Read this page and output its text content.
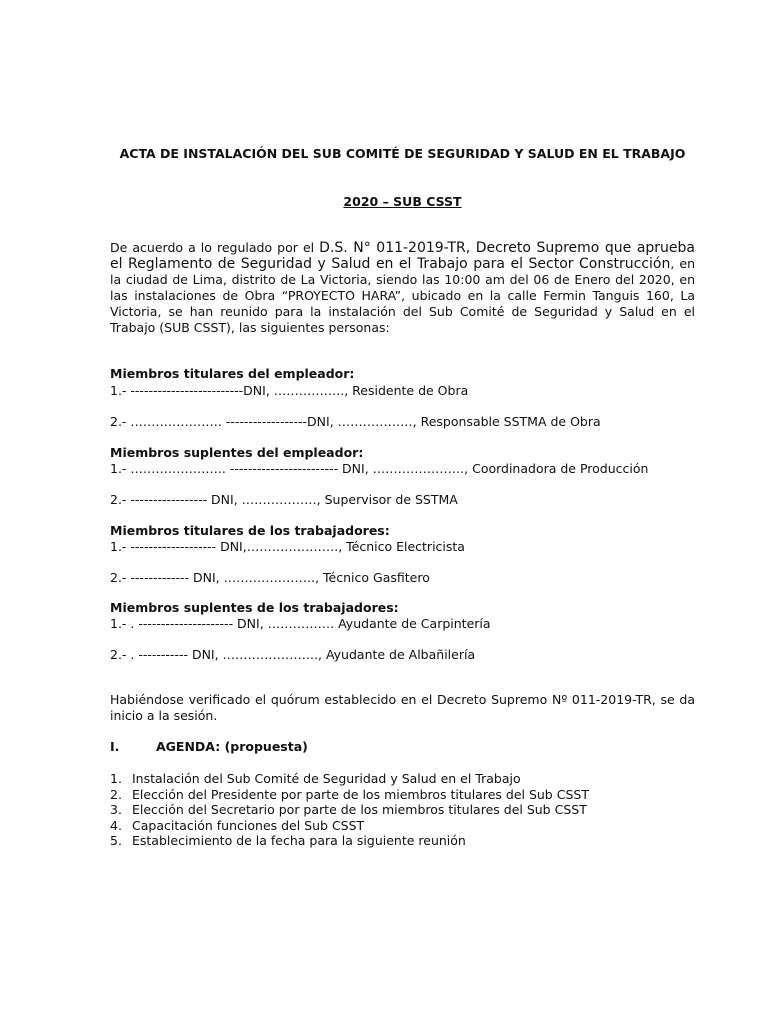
ACTA DE INSTALACIÓN DEL SUB COMITÉ DE SEGURIDAD Y SALUD EN EL TRABAJO
2020 – SUB CSST
De acuerdo a lo regulado por el D.S. N° 011-2019-TR, Decreto Supremo que aprueba el Reglamento de Seguridad y Salud en el Trabajo para el Sector Construcción, en la ciudad de Lima, distrito de La Victoria, siendo las 10:00 am del 06 de Enero del 2020, en las instalaciones de Obra “PROYECTO HARA”, ubicado en la calle Fermin Tanguis 160, La Victoria, se han reunido para la instalación del Sub Comité de Seguridad y Salud en el Trabajo (SUB CSST), las siguientes personas:
Miembros titulares del empleador:
1.- -------------------------DNI, …………….., Residente de Obra
2.- …………………. ------------------DNI, ………………, Responsable SSTMA de Obra
Miembros suplentes del empleador:
1.- ………………….. ------------------------ DNI, …………………., Coordinadora de Producción
2.- ----------------- DNI, ………………, Supervisor de SSTMA
Miembros titulares de los trabajadores:
1.- ------------------- DNI,…………………., Técnico Electricista
2.- ------------- DNI, …………………., Técnico Gasfitero
Miembros suplentes de los trabajadores:
1.- . --------------------- DNI, ……………. Ayudante de Carpintería
2.- . ----------- DNI, ………………….., Ayudante de Albañilería
Habiéndose verificado el quórum establecido en el Decreto Supremo Nº 011-2019-TR, se da inicio a la sesión.
I.	AGENDA: (propuesta)
1. Instalación del Sub Comité de Seguridad y Salud en el Trabajo
2. Elección del Presidente por parte de los miembros titulares del Sub CSST
3. Elección del Secretario por parte de los miembros titulares del Sub CSST
4. Capacitación funciones del Sub CSST
5. Establecimiento de la fecha para la siguiente reunión
